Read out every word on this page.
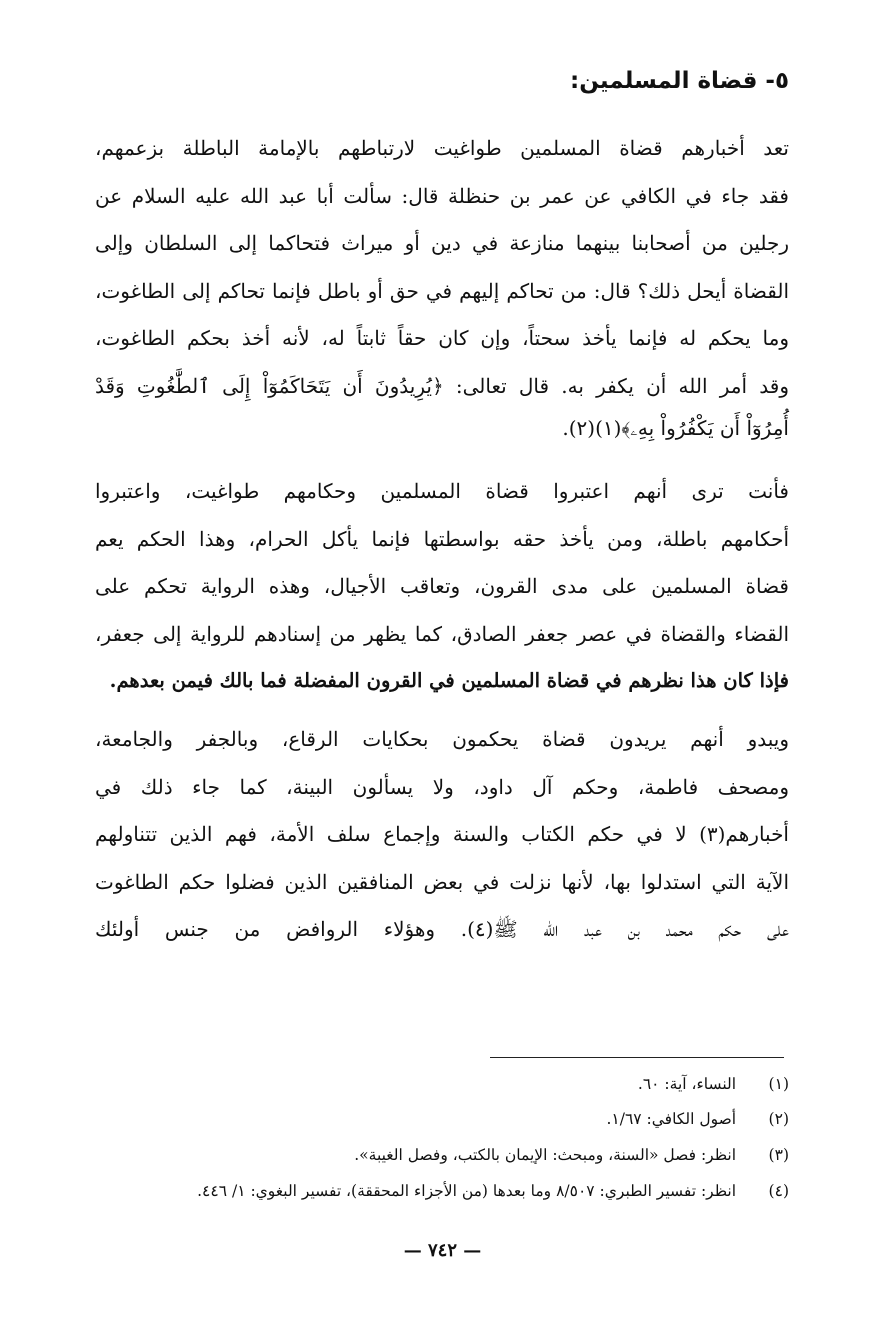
٥- قضاة المسلمين:
تعد أخبارهم قضاة المسلمين طواغيت لارتباطهم بالإمامة الباطلة بزعمهم،
فقد جاء في الكافي عن عمر بن حنظلة قال: سألت أبا عبد الله عليه السلام عن
رجلين من أصحابنا بينهما منازعة في دين أو ميراث فتحاكما إلى السلطان وإلى
القضاة أيحل ذلك؟ قال: من تحاكم إليهم في حق أو باطل فإنما تحاكم إلى الطاغوت،
وما يحكم له فإنما يأخذ سحتاً، وإن كان حقاً ثابتاً له، لأنه أخذ بحكم الطاغوت،
وقد أمر الله أن يكفر به. قال تعالى: ﴿يُرِيدُونَ أَن يَتَحَاكَمُوٓاْ إِلَى ٱلطَّٰغُوتِ وَقَدْ
أُمِرُوٓاْ أَن يَكْفُرُواْ بِهِۦ﴾(١)(٢).
فأنت ترى أنهم اعتبروا قضاة المسلمين وحكامهم طواغيت، واعتبروا
أحكامهم باطلة، ومن يأخذ حقه بواسطتها فإنما يأكل الحرام، وهذا الحكم يعم
قضاة المسلمين على مدى القرون، وتعاقب الأجيال، وهذه الرواية تحكم على
القضاء والقضاة في عصر جعفر الصادق، كما يظهر من إسنادهم للرواية إلى جعفر،
فإذا كان هذا نظرهم في قضاة المسلمين في القرون المفضلة فما بالك فيمن بعدهم.
ويبدو أنهم يريدون قضاة يحكمون بحكايات الرقاع، وبالجفر والجامعة،
ومصحف فاطمة، وحكم آل داود، ولا يسألون البينة، كما جاء ذلك في
أخبارهم(٣) لا في حكم الكتاب والسنة وإجماع سلف الأمة، فهم الذين تتناولهم
الآية التي استدلوا بها، لأنها نزلت في بعض المنافقين الذين فضلوا حكم الطاغوت
على حكم محمد بن عبد الله ﷺ(٤). وهؤلاء الروافض من جنس أولئك
(١) النساء، آية: ٦٠.
(٢) أصول الكافي: ١/٦٧.
(٣) انظر: فصل «السنة، ومبحث: الإيمان بالكتب، وفصل الغيبة».
(٤) انظر: تفسير الطبري: ٨/٥٠٧ وما بعدها (من الأجزاء المحققة)، تفسير البغوي: ١/ ٤٤٦.
— ٧٤٢ —
